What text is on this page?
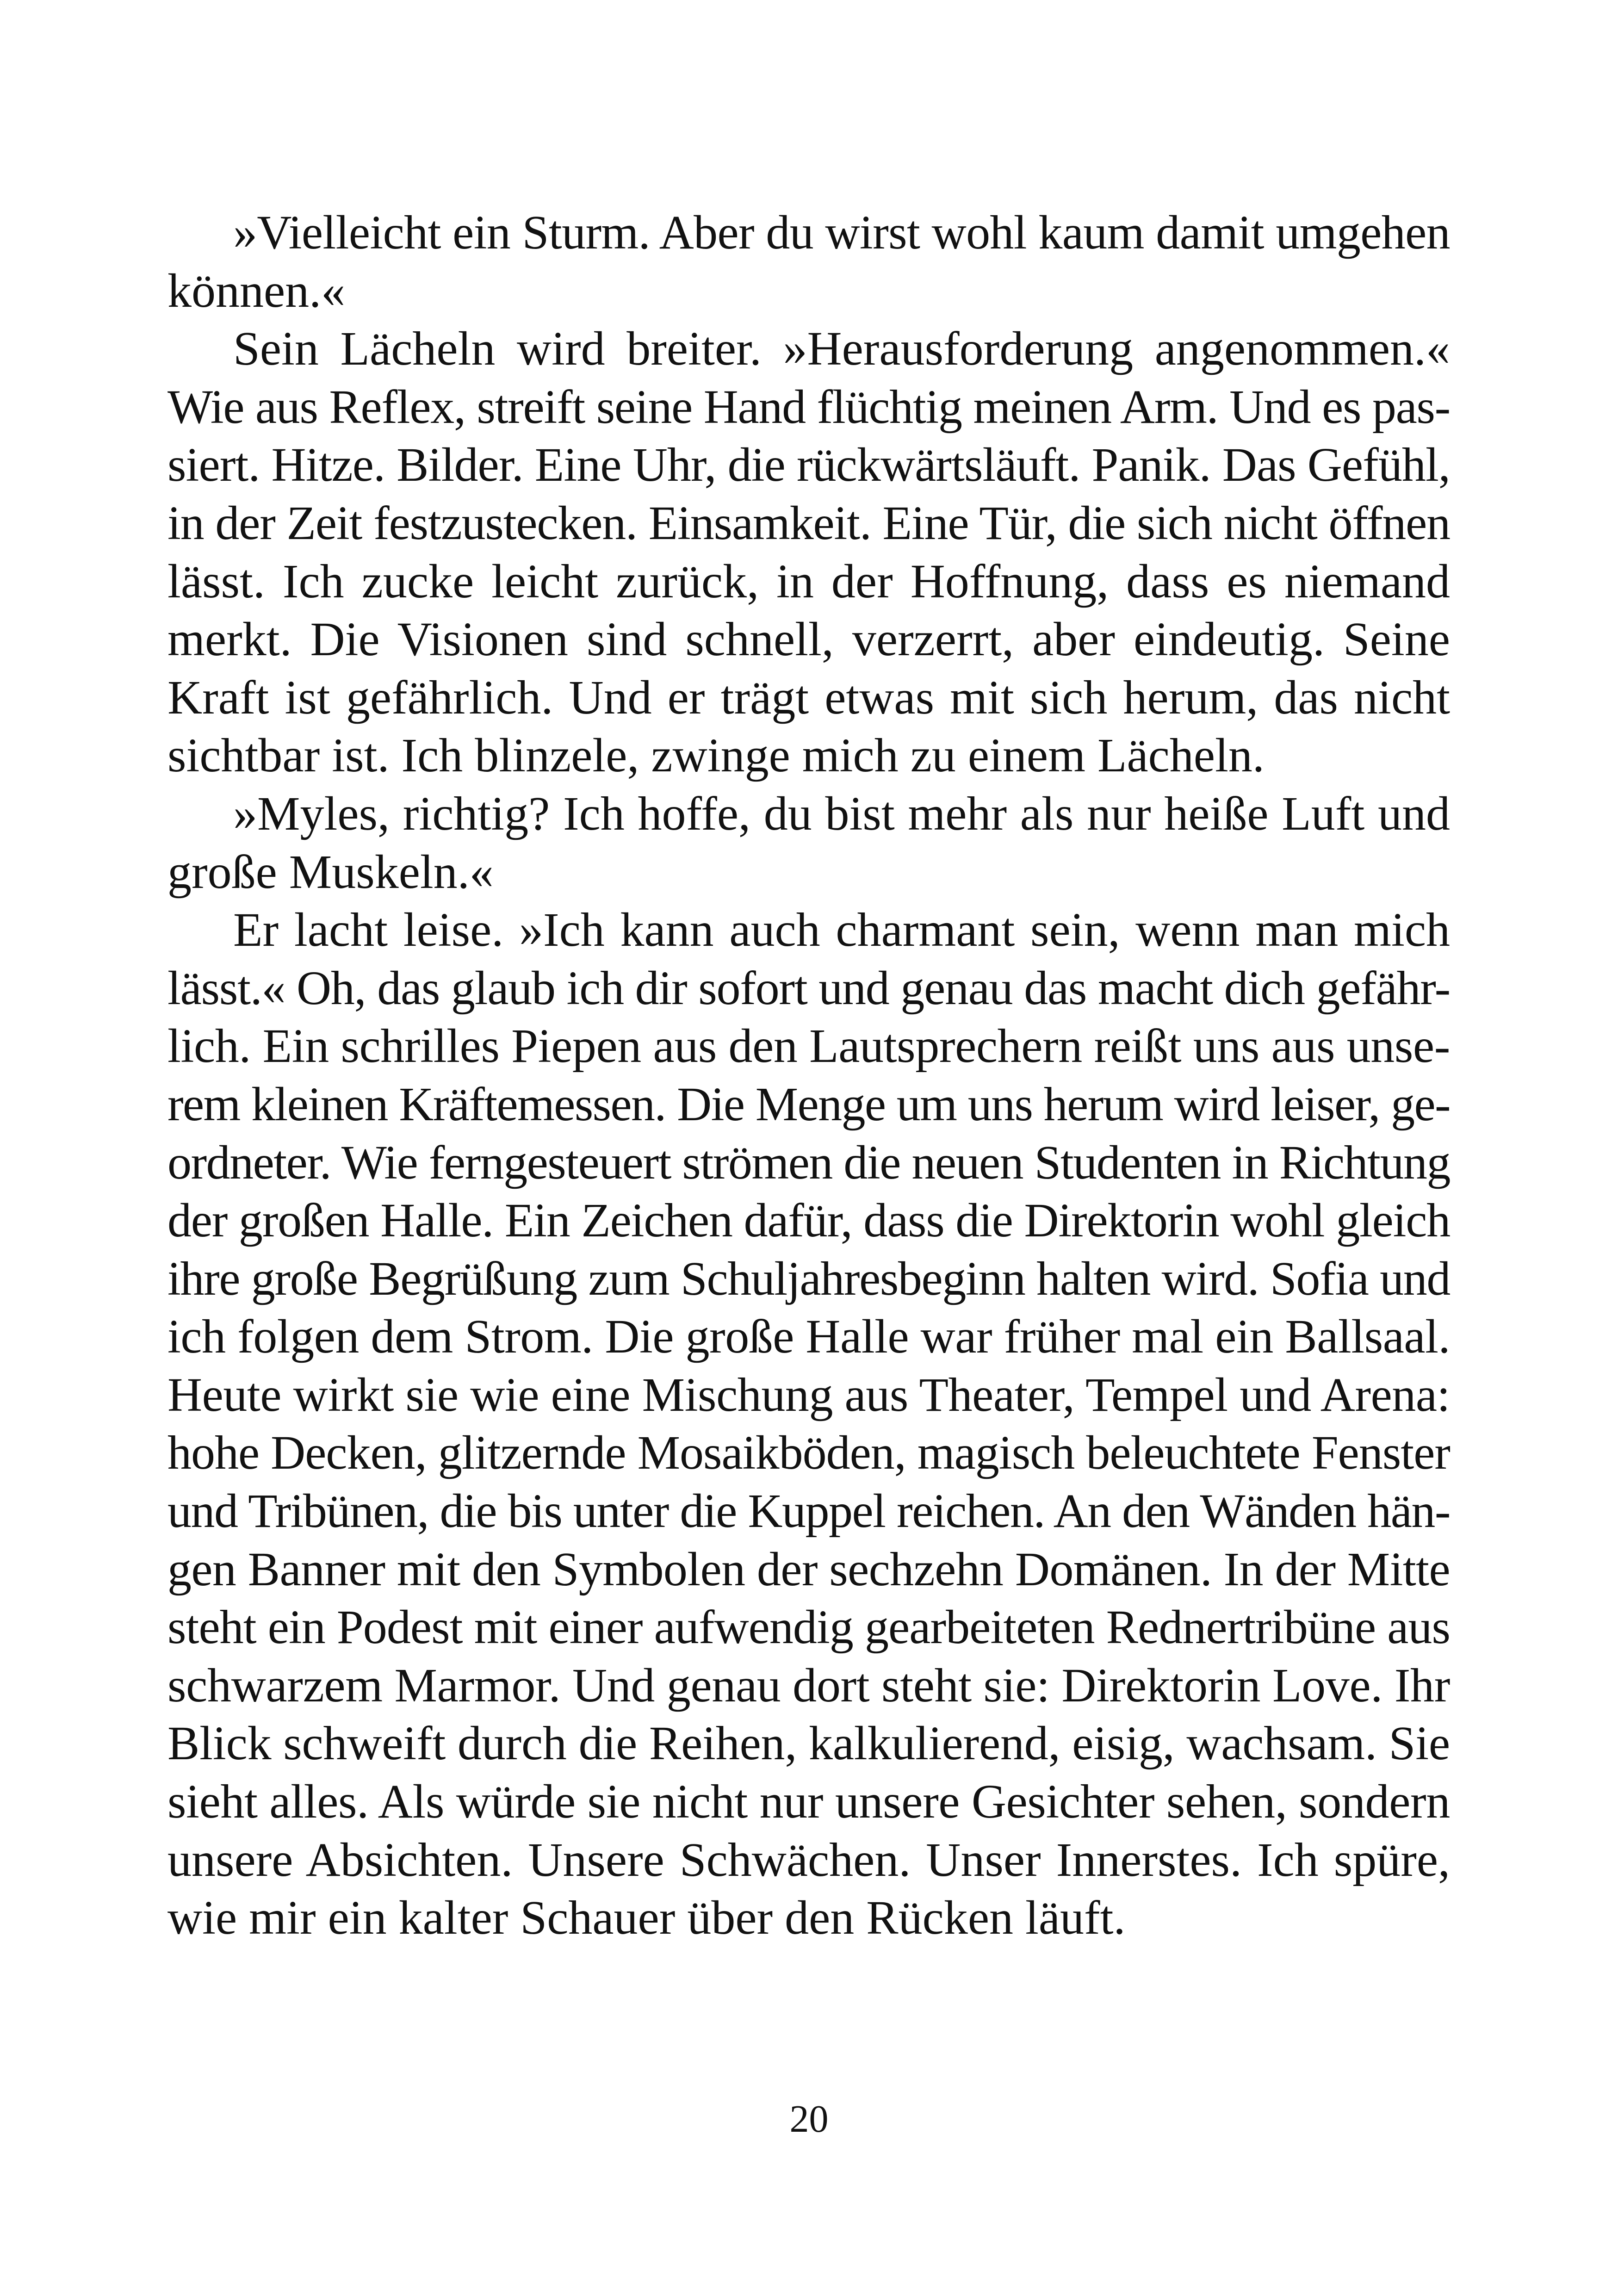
»Vielleicht ein Sturm. Aber du wirst wohl kaum damit umgehen
können.«
Sein Lächeln wird breiter. »Herausforderung angenommen.«
Wie aus Reflex, streift seine Hand flüchtig meinen Arm. Und es pas-
siert. Hitze. Bilder. Eine Uhr, die rückwärtsläuft. Panik. Das Gefühl,
in der Zeit festzustecken. Einsamkeit. Eine Tür, die sich nicht öffnen
lässt. Ich zucke leicht zurück, in der Hoffnung, dass es niemand
merkt. Die Visionen sind schnell, verzerrt, aber eindeutig. Seine
Kraft ist gefährlich. Und er trägt etwas mit sich herum, das nicht
sichtbar ist. Ich blinzele, zwinge mich zu einem Lächeln.
»Myles, richtig? Ich hoffe, du bist mehr als nur heiße Luft und
große Muskeln.«
Er lacht leise. »Ich kann auch charmant sein, wenn man mich
lässt.« Oh, das glaub ich dir sofort und genau das macht dich gefähr-
lich. Ein schrilles Piepen aus den Lautsprechern reißt uns aus unse-
rem kleinen Kräftemessen. Die Menge um uns herum wird leiser, ge-
ordneter. Wie ferngesteuert strömen die neuen Studenten in Richtung
der großen Halle. Ein Zeichen dafür, dass die Direktorin wohl gleich
ihre große Begrüßung zum Schuljahresbeginn halten wird. Sofia und
ich folgen dem Strom. Die große Halle war früher mal ein Ballsaal.
Heute wirkt sie wie eine Mischung aus Theater, Tempel und Arena:
hohe Decken, glitzernde Mosaikböden, magisch beleuchtete Fenster
und Tribünen, die bis unter die Kuppel reichen. An den Wänden hän-
gen Banner mit den Symbolen der sechzehn Domänen. In der Mitte
steht ein Podest mit einer aufwendig gearbeiteten Rednertribüne aus
schwarzem Marmor. Und genau dort steht sie: Direktorin Love. Ihr
Blick schweift durch die Reihen, kalkulierend, eisig, wachsam. Sie
sieht alles. Als würde sie nicht nur unsere Gesichter sehen, sondern
unsere Absichten. Unsere Schwächen. Unser Innerstes. Ich spüre,
wie mir ein kalter Schauer über den Rücken läuft.
20
